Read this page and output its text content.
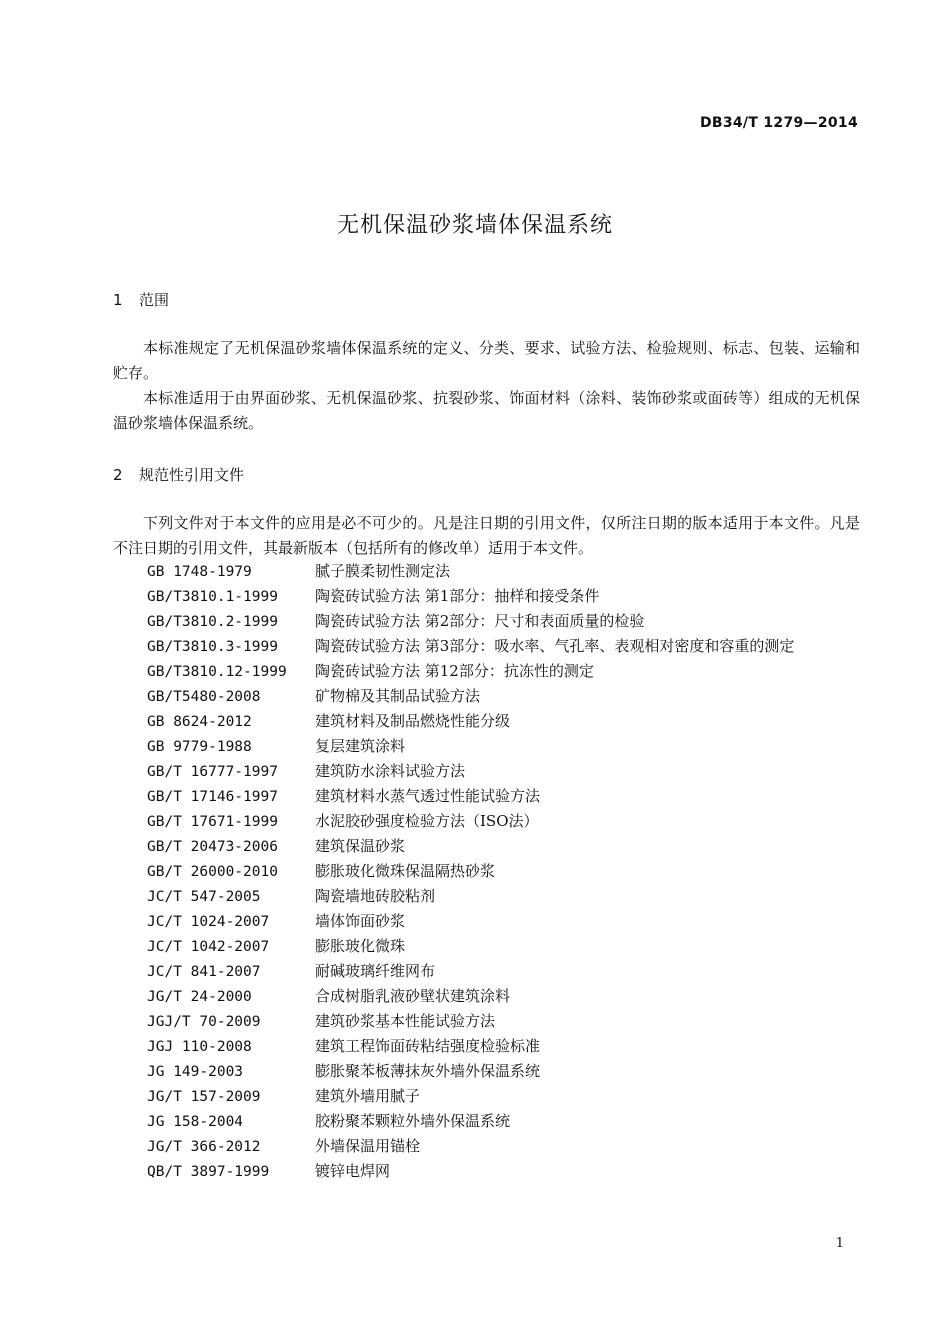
DB34/T 1279—2014
无机保温砂浆墙体保温系统
1 范围

本标准规定了无机保温砂浆墙体保温系统的定义、分类、要求、试验方法、检验规则、标志、包装、运输和贮存。

本标准适用于由界面砂浆、无机保温砂浆、抗裂砂浆、饰面材料（涂料、装饰砂浆或面砖等）组成的无机保温砂浆墙体保温系统。

2 规范性引用文件

下列文件对于本文件的应用是必不可少的。凡是注日期的引用文件，仅所注日期的版本适用于本文件。凡是不注日期的引用文件，其最新版本（包括所有的修改单）适用于本文件。

GB 1748-1979	腻子膜柔韧性测定法
GB/T3810.1-1999 陶瓷砖试验方法 第1部分：抽样和接受条件
GB/T3810.2-1999 陶瓷砖试验方法 第2部分：尺寸和表面质量的检验
GB/T3810.3-1999 陶瓷砖试验方法 第3部分：吸水率、气孔率、表观相对密度和容重的测定
GB/T3810.12-1999 陶瓷砖试验方法 第12部分：抗冻性的测定
GB/T5480-2008	矿物棉及其制品试验方法
GB 8624-2012	建筑材料及制品燃烧性能分级
GB 9779-1988	复层建筑涂料
GB/T 16777-1997 建筑防水涂料试验方法
GB/T 17146-1997 建筑材料水蒸气透过性能试验方法
GB/T 17671-1999 水泥胶砂强度检验方法（ISO法）
GB/T 20473-2006 建筑保温砂浆
GB/T 26000-2010 膨胀玻化微珠保温隔热砂浆
JC/T 547-2005	陶瓷墙地砖胶粘剂
JC/T 1024-2007	墙体饰面砂浆
JC/T 1042-2007	膨胀玻化微珠
JC/T 841-2007	耐碱玻璃纤维网布
JG/T 24-2000	合成树脂乳液砂壁状建筑涂料
JGJ/T 70-2009	建筑砂浆基本性能试验方法
JGJ 110-2008	建筑工程饰面砖粘结强度检验标准
JG 149-2003	膨胀聚苯板薄抹灰外墙外保温系统
JG/T 157-2009	建筑外墙用腻子
JG 158-2004	胶粉聚苯颗粒外墙外保温系统
JG/T 366-2012	外墙保温用锚栓
QB/T 3897-1999	镀锌电焊网
1
